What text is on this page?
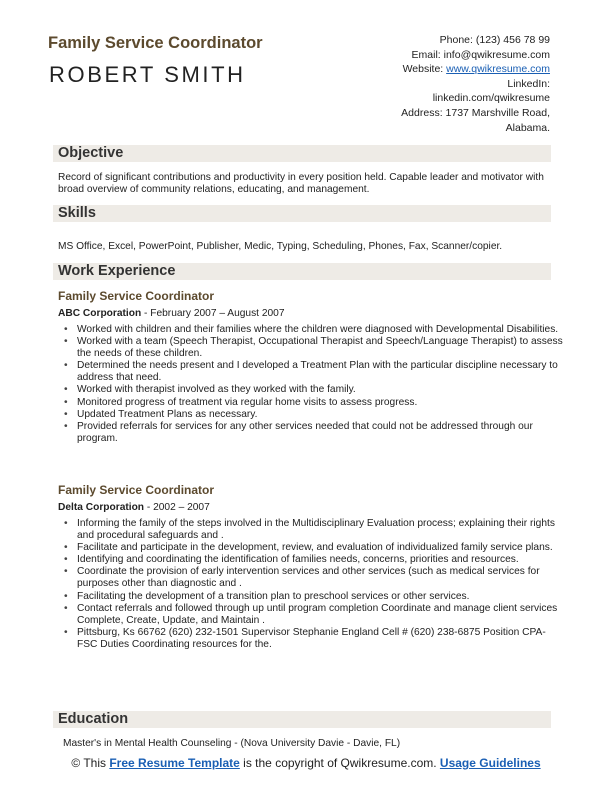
Family Service Coordinator
ROBERT SMITH
Phone: (123) 456 78 99
Email: info@qwikresume.com
Website: www.qwikresume.com
LinkedIn:
linkedin.com/qwikresume
Address: 1737 Marshville Road,
Alabama.
Objective
Record of significant contributions and productivity in every position held. Capable leader and motivator with broad overview of community relations, educating, and management.
Skills
MS Office, Excel, PowerPoint, Publisher, Medic, Typing, Scheduling, Phones, Fax, Scanner/copier.
Work Experience
Family Service Coordinator
ABC Corporation - February 2007 – August 2007
• Worked with children and their families where the children were diagnosed with Developmental Disabilities.
• Worked with a team (Speech Therapist, Occupational Therapist and Speech/Language Therapist) to assess the needs of these children.
• Determined the needs present and I developed a Treatment Plan with the particular discipline necessary to address that need.
• Worked with therapist involved as they worked with the family.
• Monitored progress of treatment via regular home visits to assess progress.
• Updated Treatment Plans as necessary.
• Provided referrals for services for any other services needed that could not be addressed through our program.
Family Service Coordinator
Delta Corporation - 2002 – 2007
• Informing the family of the steps involved in the Multidisciplinary Evaluation process; explaining their rights and procedural safeguards and .
• Facilitate and participate in the development, review, and evaluation of individualized family service plans.
• Identifying and coordinating the identification of families needs, concerns, priorities and resources.
• Coordinate the provision of early intervention services and other services (such as medical services for purposes other than diagnostic and .
• Facilitating the development of a transition plan to preschool services or other services.
• Contact referrals and followed through up until program completion Coordinate and manage client services Complete, Create, Update, and Maintain .
• Pittsburg, Ks 66762 (620) 232-1501 Supervisor Stephanie England Cell # (620) 238-6875 Position CPA-FSC Duties Coordinating resources for the.
Education
Master's in Mental Health Counseling - (Nova University Davie - Davie, FL)
© This Free Resume Template is the copyright of Qwikresume.com. Usage Guidelines
